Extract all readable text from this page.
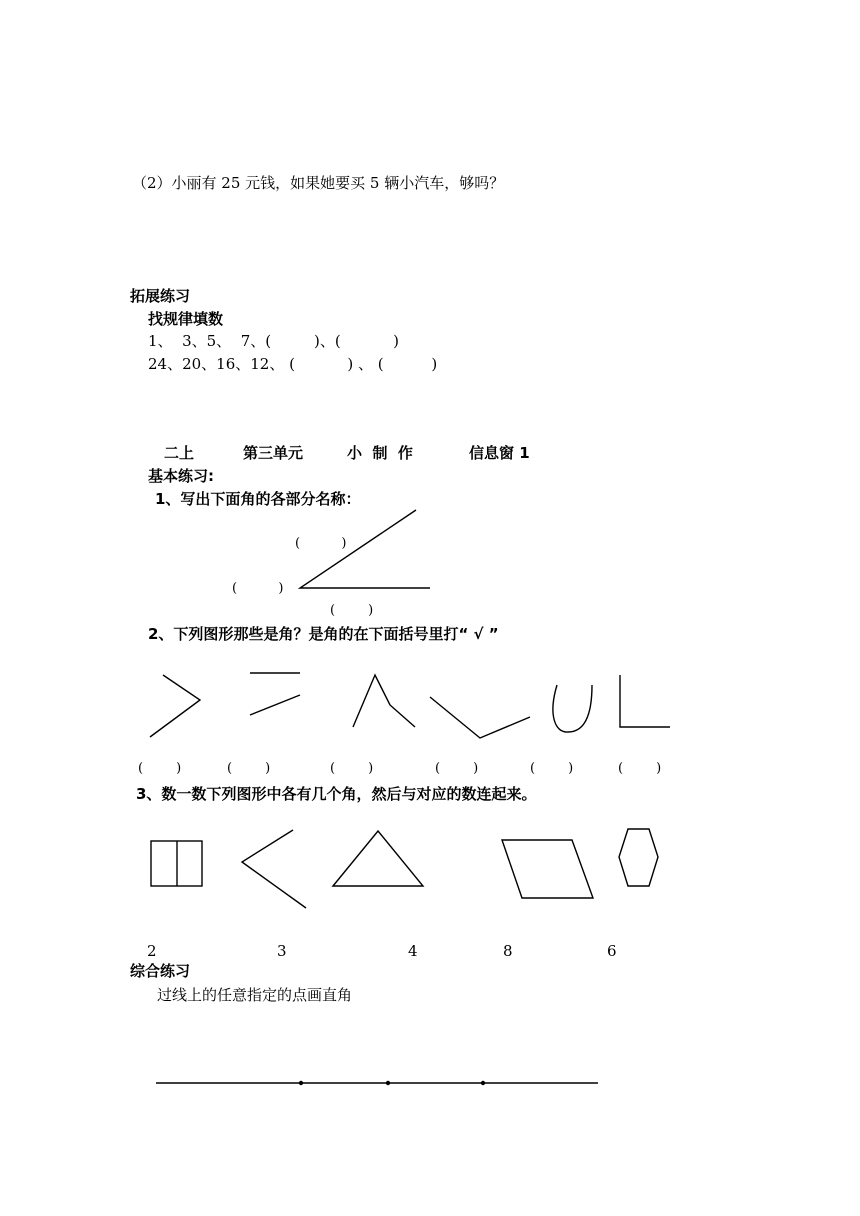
（2）小丽有 25 元钱，如果她要买 5 辆小汽车，够吗？
拓展练习
找规律填数
1、  3、5、  7、(         )、(           )
24、20、16、12、 (           ) 、 (          )
二上	第三单元	小  制  作	信息窗 1
基本练习:
1、写出下面角的各部分名称：
(          )
(          )
(        )
2、下列图形那些是角？是角的在下面括号里打“ √ ”
(        )	(        )	(        )	(        )	(        )	(        )
3、数一数下列图形中各有几个角，然后与对应的数连起来。
2	3	4	8	6
综合练习
过线上的任意指定的点画直角
